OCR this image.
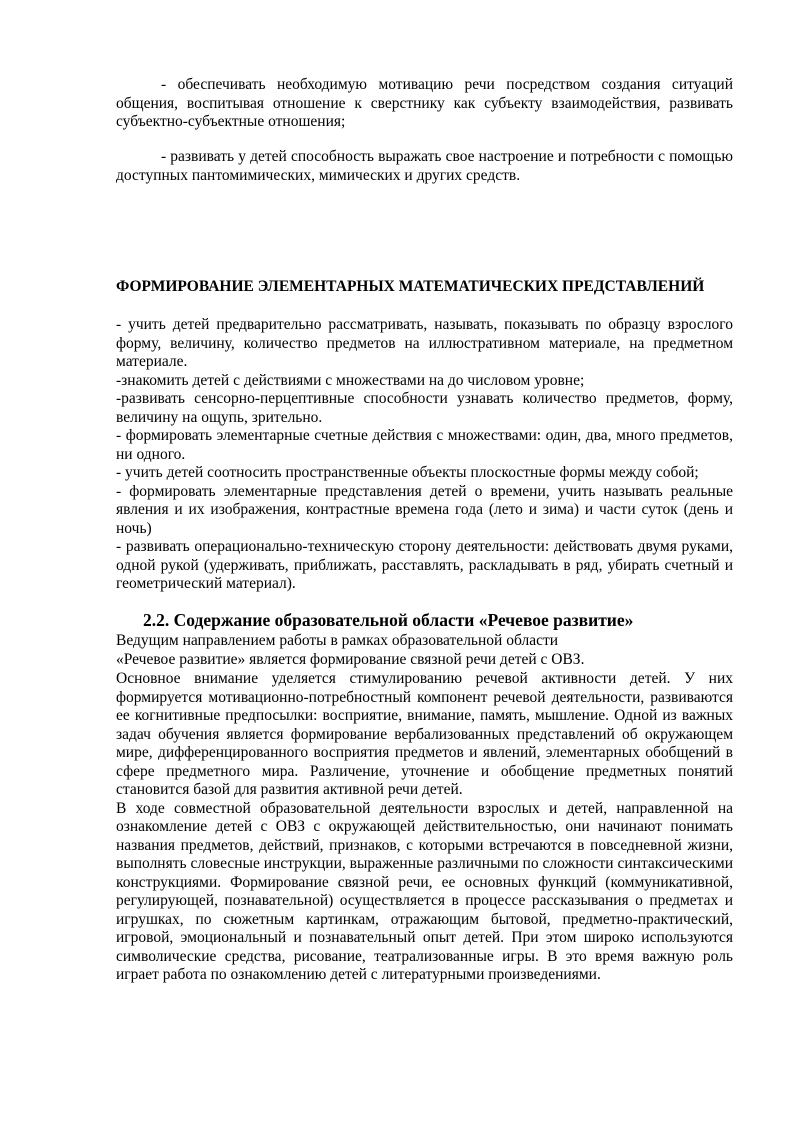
- обеспечивать необходимую мотивацию речи посредством создания ситуаций общения, воспитывая отношение к сверстнику как субъекту взаимодействия, развивать субъектно-субъектные отношения;

- развивать у детей способность выражать свое настроение и потребности с помощью доступных пантомимических, мимических и других средств.

ФОРМИРОВАНИЕ ЭЛЕМЕНТАРНЫХ МАТЕМАТИЧЕСКИХ ПРЕДСТАВЛЕНИЙ

- учить детей предварительно рассматривать, называть, показывать по образцу взрослого форму, величину, количество предметов на иллюстративном материале, на предметном материале.

-знакомить детей с действиями с множествами на до числовом уровне;

-развивать сенсорно-перцептивные способности узнавать количество предметов, форму, величину на ощупь, зрительно.

- формировать элементарные счетные действия с множествами: один, два, много предметов, ни одного.

- учить детей соотносить пространственные объекты плоскостные формы между собой;

- формировать элементарные представления детей о времени, учить называть реальные явления и их изображения, контрастные времена года (лето и зима) и части суток (день и ночь)

- развивать операционально-техническую сторону деятельности: действовать двумя руками, одной рукой (удерживать, приближать, расставлять, раскладывать в ряд, убирать счетный и геометрический материал).

2.2. Содержание образовательной области «Речевое развитие»

Ведущим направлением работы в рамках образовательной области

«Речевое развитие» является формирование связной речи детей с ОВЗ.

Основное внимание уделяется стимулированию речевой активности детей. У них формируется мотивационно-потребностный компонент речевой деятельности, развиваются ее когнитивные предпосылки: восприятие, внимание, память, мышление. Одной из важных задач обучения является формирование вербализованных представлений об окружающем мире, дифференцированного восприятия предметов и явлений, элементарных обобщений в сфере предметного мира. Различение, уточнение и обобщение предметных понятий становится базой для развития активной речи детей.

В ходе совместной образовательной деятельности взрослых и детей, направленной на ознакомление детей с ОВЗ с окружающей действительностью, они начинают понимать названия предметов, действий, признаков, с которыми встречаются в повседневной жизни, выполнять словесные инструкции, выраженные различными по сложности синтаксическими конструкциями. Формирование связной речи, ее основных функций (коммуникативной, регулирующей, познавательной) осуществляется в процессе рассказывания о предметах и игрушках, по сюжетным картинкам, отражающим бытовой, предметно-практический, игровой, эмоциональный и познавательный опыт детей. При этом широко используются символические средства, рисование, театрализованные игры. В это время важную роль играет работа по ознакомлению детей с литературными произведениями.
